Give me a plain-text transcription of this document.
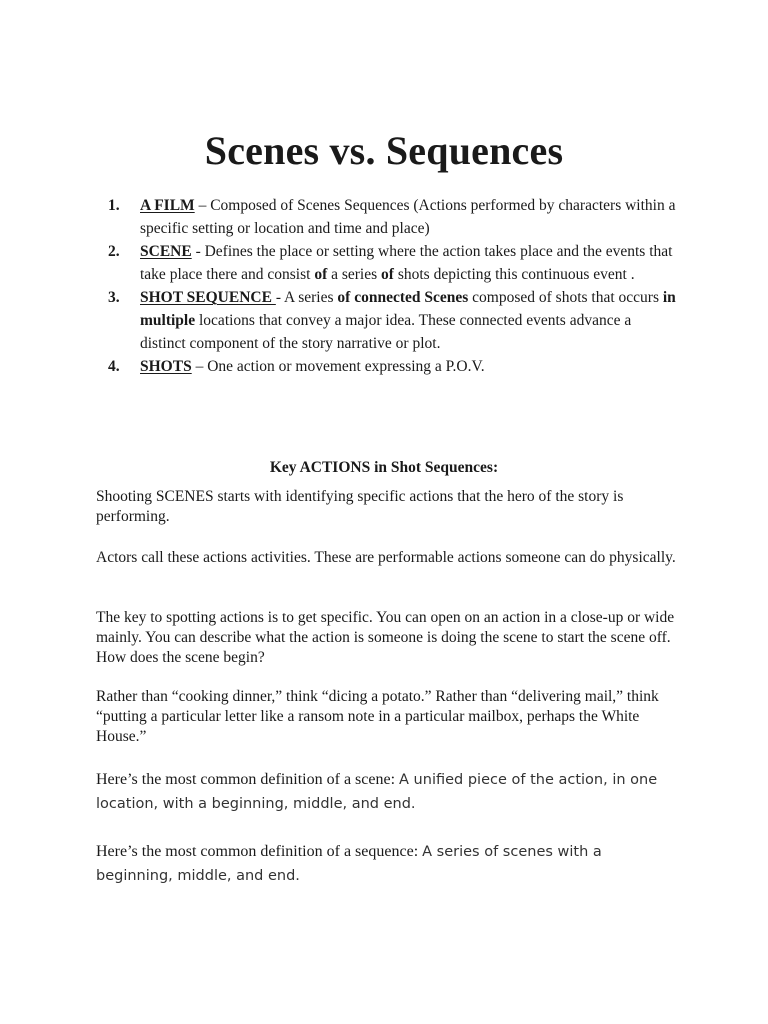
Scenes vs. Sequences
1. A FILM – Composed of Scenes Sequences (Actions performed by characters within a specific setting or location and time and place)
2. SCENE - Defines the place or setting where the action takes place and the events that take place there and consist of a series of shots depicting this continuous event .
3. SHOT SEQUENCE - A series of connected Scenes composed of shots that occurs in multiple locations that convey a major idea. These connected events advance a distinct component of the story narrative or plot.
4. SHOTS – One action or movement expressing a P.O.V.
Key ACTIONS in Shot Sequences:

Shooting SCENES starts with identifying specific actions that the hero of the story is performing.

Actors call these actions activities. These are performable actions someone can do physically.

The key to spotting actions is to get specific. You can open on an action in a close-up or wide mainly. You can describe what the action is someone is doing the scene to start the scene off. How does the scene begin?

Rather than “cooking dinner,” think “dicing a potato.” Rather than “delivering mail,” think “putting a particular letter like a ransom note in a particular mailbox, perhaps the White House.”

Here’s the most common definition of a scene: A unified piece of the action, in one location, with a beginning, middle, and end.

Here’s the most common definition of a sequence: A series of scenes with a beginning, middle, and end.
